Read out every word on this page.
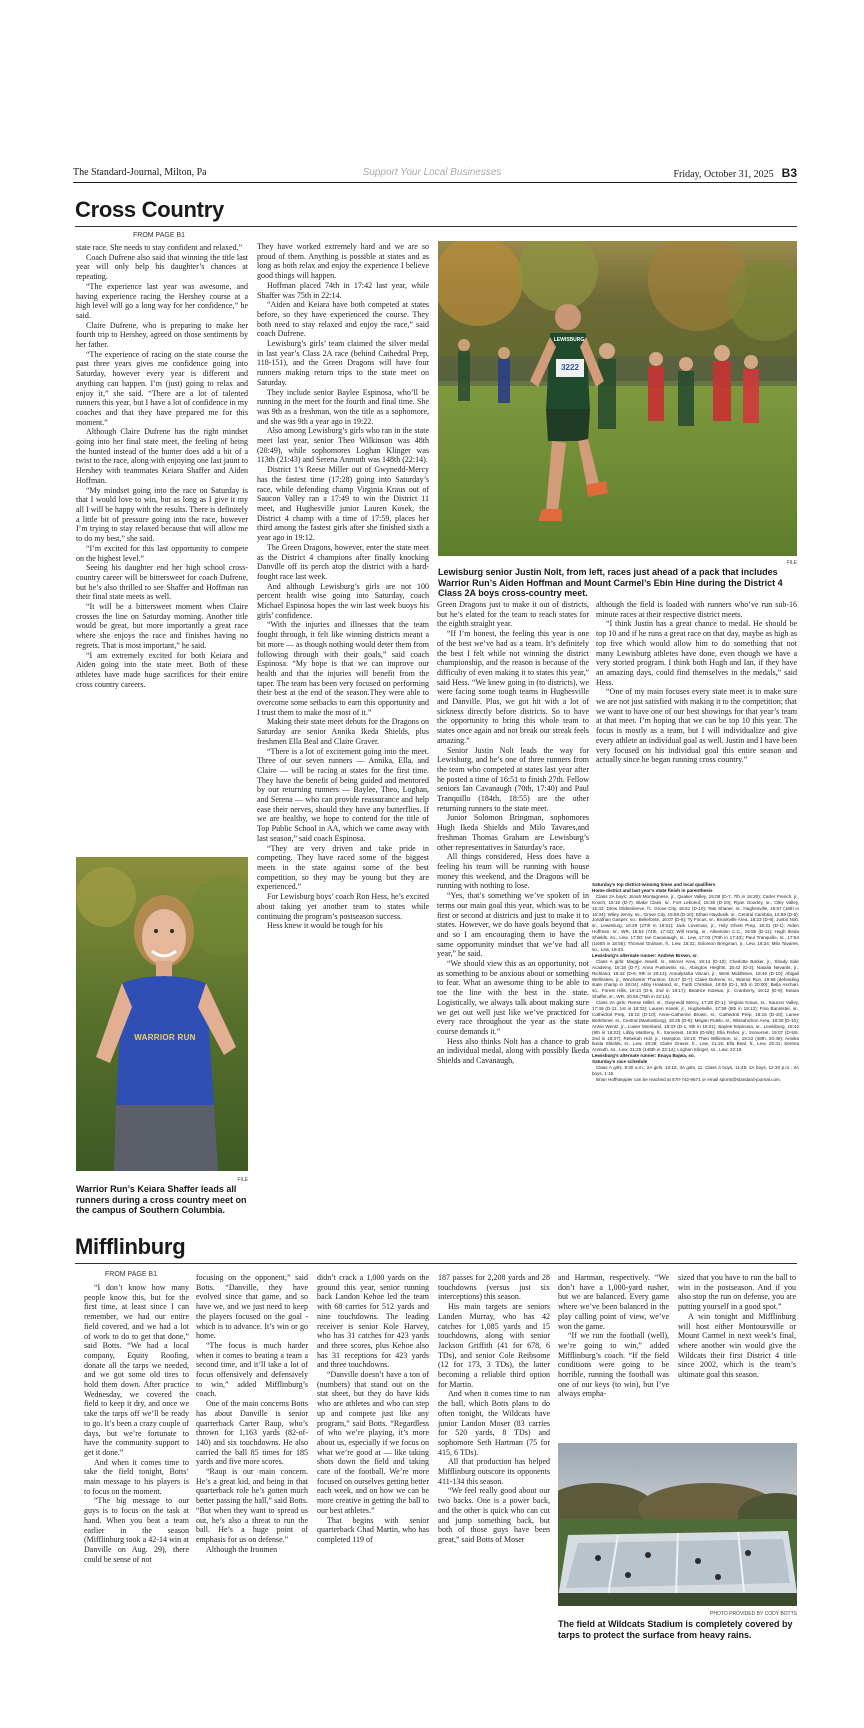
The Standard-Journal, Milton, Pa	Support Your Local Businesses	Friday, October 31, 2025 B3
Cross Country
FROM PAGE B1

state race. She needs to stay confident and relaxed.”

Coach Dufrene also said that winning the title last year will only help his daughter’s chances at repeating.

“The experience last year was awesome, and having experience racing the Hershey course at a high level will go a long way for her confidence,” he said.

Claire Dufrene, who is preparing to make her fourth trip to Hershey, agreed on those sentiments by her father.

“The experience of racing on the state course the past three years gives me confidence going into Saturday, however every year is different and anything can happen. I’m (just) going to relax and enjoy it,” she said. “There are a lot of talented runners this year, but I have a lot of confidence in my coaches and that they have prepared me for this moment.”

Although Claire Dufrene has the right mindset going into her final state meet, the feeling of being the hunted instead of the hunter does add a bit of a twist to the race, along with enjoying one last jaunt to Hershey with teammates Keiara Shaffer and Aiden Hoffman.

“My mindset going into the race on Saturday is that I would love to win, but as long as I give it my all I will be happy with the results. There is definitely a little bit of pressure going into the race, however I’m trying to stay relaxed because that will allow me to do my best,” she said.

“I’m excited for this last opportunity to compete on the highest level.”

Seeing his daughter end her high school cross-country career will be bittersweet for coach Dufrene, but he’s also thrilled to see Shaffer and Hoffman run their final state meets as well.

“It will be a bittersweet moment when Claire crosses the line on Saturday morning. Another title would be great, but more importantly a great race where she enjoys the race and finishes having no regrets. That is most important,” he said.

“I am extremely excited for both Keiara and Aiden going into the state meet. Both of these athletes have made huge sacrifices for their entire cross country careers.

They have worked extremely hard and we are so proud of them. Anything is possible at states and as long as both relax and enjoy the experience I believe good things will happen.

Hoffman placed 74th in 17:42 last year, while Shaffer was 75th in 22:14.

“Aiden and Keiara have both competed at states before, so they have experienced the course. They both need to stay relaxed and enjoy the race,” said coach Dufrene.

Lewisburg’s girls’ team claimed the silver medal in last year’s Class 2A race (behind Cathedral Prep, 118-151), and the Green Dragons will have four runners making return trips to the state meet on Saturday.

They include senior Baylee Espinosa, who’ll be running in the meet for the fourth and final time. She was 9th as a freshman, won the title as a sophomore, and she was 9th a year ago in 19:22.

Also among Lewisburg’s girls who ran in the state meet last year, senior Theo Wilkinson was 48th (20:49), while sophomores Loghan Klinger was 113th (21:43) and Serena Anmuth was 148th (22:14).

District 1’s Reese Miller out of Gwynedd-Mercy has the fastest time (17:28) going into Saturday’s race, while defending champ Virginia Kraus out of Saucon Valley ran a 17:49 to win the District 11 meet, and Hughesville junior Lauren Kosek, the District 4 champ with a time of 17:59, places her third among the fastest girls after she finished sixth a year ago in 19:12.

The Green Dragons, however, enter the state meet as the District 4 champions after finally knocking Danville off its perch atop the district with a hard-fought race last week.

And although Lewisburg’s girls are not 100 percent health wise going into Saturday, coach Michael Espinosa hopes the win last week buoys his girls’ confidence.

“With the injuries and illnesses that the team fought through, it felt like winning districts meant a bit more — as though nothing would deter them from following through with their goals,” said coach Espinosa. “My hope is that we can improve our health and that the injuries will benefit from the taper. The team has been very focused on performing their best at the end of the season.They were able to overcome some setbacks to earn this opportunity and I trust them to make the most of it.”

Making their state meet debuts for the Dragons on Saturday are senior Annika Ikeda Shields, plus freshmen Ella Beal and Claire Graver.

“There is a lot of excitement going into the meet. Three of our seven runners — Annika, Ella, and Claire — will be racing at states for the first time. They have the benefit of being guided and mentored by our returning runners — Baylee, Theo, Loghan, and Serena — who can provide reassurance and help ease their nerves, should they have any butterflies. If we are healthy, we hope to contend for the title of Top Public School in AA, which we came away with last season,” said coach Espinosa.

“They are very driven and take pride in competing. They have raced some of the biggest meets in the state against some of the best competition, so they may be young but they are experienced.”

For Lewisburg boys’ coach Ron Hess, he’s excited about taking yet another team to states while continuing the program’s postseason success.

Hess knew it would be tough for his

Green Dragons just to make it out of districts, but he’s elated for the team to reach states for the eighth straight year.

“If I’m honest, the feeling this year is one of the best we’ve had as a team. It’s definitely the best I felt while not winning the district championship, and the reason is because of the difficulty of even making it to states this year,” said Hess. “We knew going in (to districts), we were facing some tough teams in Hughesville and Danville. Plus, we got hit with a lot of sickness directly before districts. So to have the opportunity to bring this whole team to states once again and not break our streak feels amazing.”

Senior Justin Nolt leads the way for Lewisburg, and he’s one of three runners from the team who competed at states last year after he posted a time of 16:51 to finish 27th. Fellow seniors Ian Cavanaugh (70th, 17:40) and Paul Tranquillo (184th, 18:55) are the other returning runners to the state meet.

Junior Solomon Bringman, sophomores Hugh Ikeda Shields and Milo Tavares,and freshman Thomas Graham are Lewisburg’s other representatives in Saturday’s race.

All things considered, Hess does have a feeling his team will be running with house money this weekend, and the Dragons will be running with nothing to lose.

“Yes, that’s something we’ve spoken of in terms our main goal this year, which was to be first or second at districts and just to make it to states. However, we do have goals beyond that and so I am encouraging them to have the same opportunity mindset that we’ve had all year,” he said.

“We should view this as an opportunity, not as something to be anxious about or something to fear. What an awesome thing to be able to toe the line with the best in the state. Logistically, we always talk about making sure we get out well just like we’ve practiced for every race throughout the year as the state course demands it.”

Hess also thinks Nolt has a chance to grab an individual medal, along with possibly Ikeda Shields and Cavanaugh,

although the field is loaded with runners who’ve run sub-16 minute races at their respective district meets.

“I think Justin has a great chance to medal. He should be top 10 and if he runs a great race on that day, maybe as high as top five which would allow him to do something that not many Lewisburg athletes have done, even though we have a very storied program. I think both Hugh and Ian, if they have an amazing days, could find themselves in the medals,” said Hess.

“One of my main focuses every state meet is to make sure we are not just satisfied with making it to the competition; that we want to have one of our best showings for that year’s team at that meet. I’m hoping that we can be top 10 this year. The focus is mostly as a team, but I will individualize and give every athlete an individual goal as well. Justin and I have been very focused on his individual goal this entire season and actually since he began running cross country.”

WARRIOR RUN
FILE
Warrior Run’s Keiara Shaffer leads all runners during a cross country meet on the campus of Southern Columbia.
LEWISBURG
3222
FILE
Lewisburg senior Justin Nolt, from left, races just ahead of a pack that includes Warrior Run’s Aiden Hoffman and Mount Carmel’s Ebin Hine during the District 4 Class 2A boys cross-country meet.
Saturday’s top district-winning times and local qualifiers
Home district and last year’s state finish in parenthesis
Class 2A boys: Jonah Montagnese, jr., Quaker Valley, 15:08 (D-7, 7th in 16:20); Carter French, jr., Knoch, 15:16 (D-7); Blake Class, sr., Fort Leboeuf, 15:38 (D-10); Ryan Gourley, sr., Oley Valley, 15:42; Drew Gildersleeve, fr., Grove City, 15:51 (D-10); Tate Shaner, sr., Hughesville, 15:57 (16th in 16:34); Wiley Jenny, so., Grove City, 15:58 (D-10); Ethan Haydusik, sr., Central Cambria, 15:59 (D-6); Jonathan Gasper, so., Bellefonte, 16:07 (D-6); Ty Focus, sr., Brookville Area, 16:23 (D-9); Justin Nolt, sr., Lewisburg, 16:29 (27th in 16:51); Jack Loveman, jr., Holy Ghost Prep, 16:31 (D-1); Aiden Hoffman, sr., WR, 16:54 (74th, 17:42); Will Hartig, sr., Allentown C.C., 16:55 (D-11); Hugh Ikeda Shields, so., Lew, 17:00; Ian Cavanaugh, sr., Lew, 17:03 (70th in 17:40); Paul Tranquillo, sr., 17:54 (184th in 18:55); Thomas Graham, fr., Lew, 18:31; Solomon Bringman, jr., Lew, 19:34; Milo Tavares, so., Lew, 19:43.
Lewisburg’s alternate runner: Andrew Brown, sr.
Class A girls: Maggie Jewell, sr., Mercer Area, 18:14 (D-10); Charlotte Barker, jr., Shady Side Academy, 18:18 (D-7); Anna Puslowski, so., Abington Heights, 18:42 (D-2); Natalia Nevarits, jr., Richland, 18:42 (D-6, 9th in 20:14); Annalyssha Viscari, jr., West Middlesex, 18:46 (D-10); Abigail Wellnstein, jr., Winchester Thurston, 18:47 (D-7); Claire Dufrene, sr., Warrior Run, 18:59 (defending state champ in 19:04); Abby Howland, sr., Faith Christian, 19:09 (D-1, 5th in 20:00); Bella Aschari, so., Forest Hills, 19:14 (D-6, 2nd in 19:17); Beatrice Kolesar, jr., Cranberry, 19:12 (D-9); Keiara Shaffer, sr., WR, 20:56 (75th in 22:14).
Class 2A girls: Reese Miller, sr., Gwynedd Mercy, 17:28 (D-1); Virginia Kraus, sr., Saucon Valley, 17:49 (D-11, 1st in 18:33); Lauren Kosek, jr., Hughesville, 17:59 (6th in 19:12); Fina Bannister, sr., Cathedral Prep, 18:15 (D-10); Anne-Catherine Brown, sr., Cathedral Prep, 18:15 (D-10); Lanee Berkhimer, sr., Central (Martinsburg), 18:25 (D-6); Megan Pulelo, sr., Wissahickon Area, 18:30 (D-10); Annie Wentz, jr., Lower Moreland, 18:33 (D-1, 8th in 19:21); Baylee Espinosa, sr., Lewisburg, 18:42 (9th in 19:22); Libby Martteny, fr., Somerset, 18:59 (D-5/6); Ella Fisher, jr., Somerset, 19:07 (D-5/6, 2nd in 18:37); Rebekah Holl, jr., Hampton, 19:10; Theo Wilkinson, sr., 19:22 (48th, 20:49); Annika Ikeda Shields, sr., Lew, 19:29; Claire Graver, fr., Lew, 21:15; Ella Beal, fr., Lew, 20:41; Serena Anmuth, so., Lew, 21:25 (148th in 22:14); Loghan Klinger, so., Lew, 22:19.
Lewisburg’s alternate runner: Enaya Bajwa, so.
Saturday’s race schedule
Class A girls, 9:30 a.m.; 2A girls, 10:15; 3A girls, 11; Class A boys, 11:45; 2A boys, 12:30 p.m.; 3A boys, 1:15.
Brian Hoffsteppler can be reached at 570-742-9671 or email sports@standard-journal.com.
Mifflinburg
FROM PAGE B1

“I don’t know how many people know this, but for the first time, at least since I can remember, we had our entire field covered, and we had a lot of work to do to get that done,” said Botts. “We had a local company, Equity Roofing, donate all the tarps we needed, and we got some old tires to hold them down. After practice Wednesday, we covered the field to keep it dry, and once we take the tarps off we’ll be ready to go. It’s been a crazy couple of days, but we’re fortunate to have the community support to get it done.”

And when it comes time to take the field tonight, Botts’ main message to his players is to focus on the moment.

“The big message to our guys is to focus on the task at hand. When you beat a team earlier in the season (Mifflinburg took a 42-14 win at Danville on Aug. 29), there could be sense of not

focusing on the opponent,” said Botts. “Danville, they have evolved since that game, and so have we, and we just need to keep the players focused on the goal - which is to advance. It’s win or go home.

“The focus is much harder when it comes to beating a team a second time, and it’ll take a lot of focus offensively and defensively to win,” added Mifflinburg’s coach.

One of the main concerns Botts has about Danville is senior quarterback Carter Raup, who’s thrown for 1,163 yards (82-of-140) and six touchdowns. He also carried the ball 85 times for 185 yards and five more scores.

“Raup is our main concern. He’s a great kid, and being in that quarterback role he’s gotten much better passing the ball,” said Botts. “But when they want to spread us out, he’s also a threat to run the ball. He’s a huge point of emphasis for us on defense.”

Although the Ironmen

didn’t crack a 1,000 yards on the ground this year, senior running back Landon Kehoe led the team with 68 carries for 512 yards and nine touchdowns. The leading receiver is senior Kole Harvey, who has 31 catches for 423 yards and three scores, plus Kehoe also has 31 receptions for 423 yards and three touchdowns.

“Danville doesn’t have a ton of (numbers) that stand out on the stat sheet, but they do have kids who are athletes and who can step up and compete just like any program,” said Botts. “Regardless of who we’re playing, it’s more about us, especially if we focus on what we’re good at — like taking shots down the field and taking care of the football. We’re more focused on ourselves getting better each week, and on how we can be more creative in getting the ball to our best athletes.”

That begins with senior quarterback Chad Martin, who has completed 119 of

187 passes for 2,208 yards and 28 touchdowns (versus just six interceptions) this season.

His main targets are seniors Landen Murray, who has 42 catches for 1,085 yards and 15 touchdowns, along with senior Jackson Griffith (41 for 678, 6 TDs), and senior Cole Reibsome (12 for 173, 3 TDs), the latter becoming a reliable third option for Martin.

And when it comes time to run the ball, which Botts plans to do often tonight, the Wildcats have junior Landon Moser (83 carries for 520 yards, 8 TDs) and sophomore Seth Hartman (75 for 415, 6 TDs).

All that production has helped Mifflinburg outscore its opponents 411-134 this season.

“We feel really good about our two backs. One is a power back, and the other is quick who can cut and jump something back, but both of those guys have been great,” said Botts of Moser

and Hartman, respectively. “We don’t have a 1,000-yard rusher, but we are balanced. Every game where we’ve been balanced in the play calling point of view, we’ve won the game.

“If we run the football (well), we’re going to win,” added Mifflinburg’s coach. “If the field conditions were going to be horrible, running the football was one of our keys (to win), but I’ve always empha-

sized that you have to run the ball to win in the postseason. And if you also stop the run on defense, you are putting yourself in a good spot.”

A win tonight and Mifflinburg will host either Montoursville or Mount Carmel in next week’s final, where another win would give the Wildcats their first District 4 title since 2002, which is the team’s ultimate goal this season.

PHOTO PROVIDED BY CODY BOTTS
The field at Wildcats Stadium is completely covered by tarps to protect the surface from heavy rains.
